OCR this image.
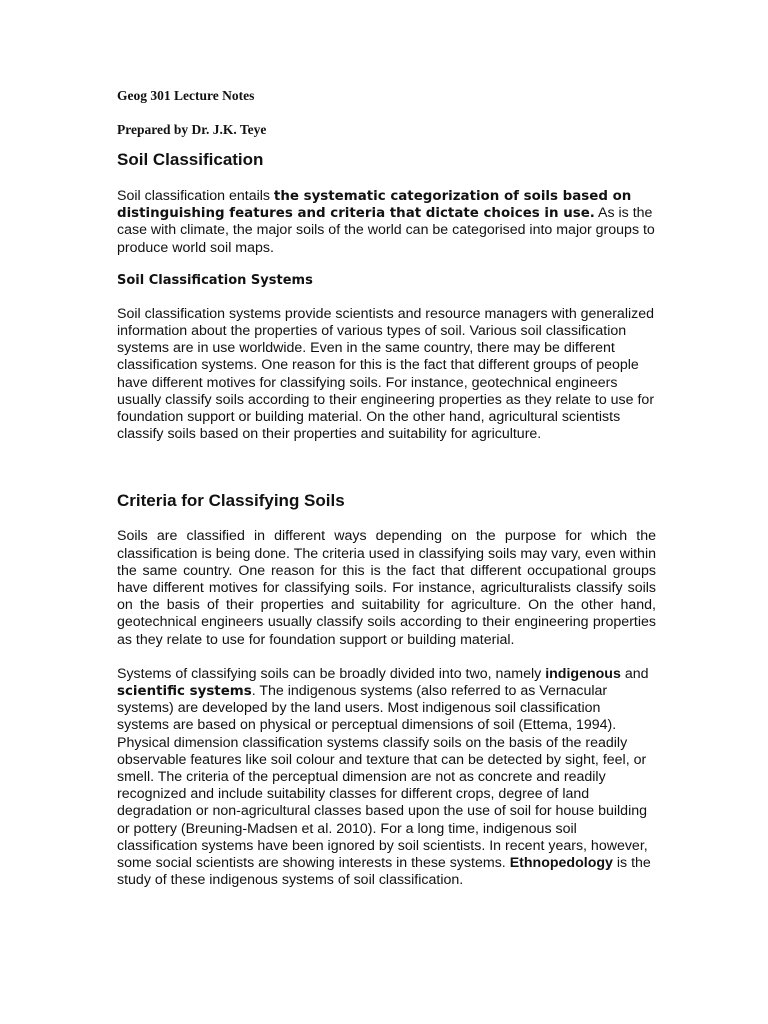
Geog 301 Lecture Notes

Prepared by Dr. J.K. Teye

Soil Classification

Soil classification entails the systematic categorization of soils based on distinguishing features and criteria that dictate choices in use. As is the case with climate, the major soils of the world can be categorised into major groups to produce world soil maps.

Soil Classification Systems

Soil classification systems provide scientists and resource managers with generalized information about the properties of various types of soil. Various soil classification systems are in use worldwide. Even in the same country, there may be different classification systems. One reason for this is the fact that different groups of people have different motives for classifying soils. For instance, geotechnical engineers usually classify soils according to their engineering properties as they relate to use for foundation support or building material. On the other hand, agricultural scientists classify soils based on their properties and suitability for agriculture.

Criteria for Classifying Soils

Soils are classified in different ways depending on the purpose for which the classification is being done. The criteria used in classifying soils may vary, even within the same country. One reason for this is the fact that different occupational groups have different motives for classifying soils. For instance, agriculturalists classify soils on the basis of their properties and suitability for agriculture. On the other hand, geotechnical engineers usually classify soils according to their engineering properties as they relate to use for foundation support or building material.

Systems of classifying soils can be broadly divided into two, namely indigenous and scientific systems. The indigenous systems (also referred to as Vernacular systems) are developed by the land users. Most indigenous soil classification systems are based on physical or perceptual dimensions of soil (Ettema, 1994). Physical dimension classification systems classify soils on the basis of the readily observable features like soil colour and texture that can be detected by sight, feel, or smell. The criteria of the perceptual dimension are not as concrete and readily recognized and include suitability classes for different crops, degree of land degradation or non-agricultural classes based upon the use of soil for house building or pottery (Breuning-Madsen et al. 2010). For a long time, indigenous soil classification systems have been ignored by soil scientists. In recent years, however, some social scientists are showing interests in these systems. Ethnopedology is the study of these indigenous systems of soil classification.
